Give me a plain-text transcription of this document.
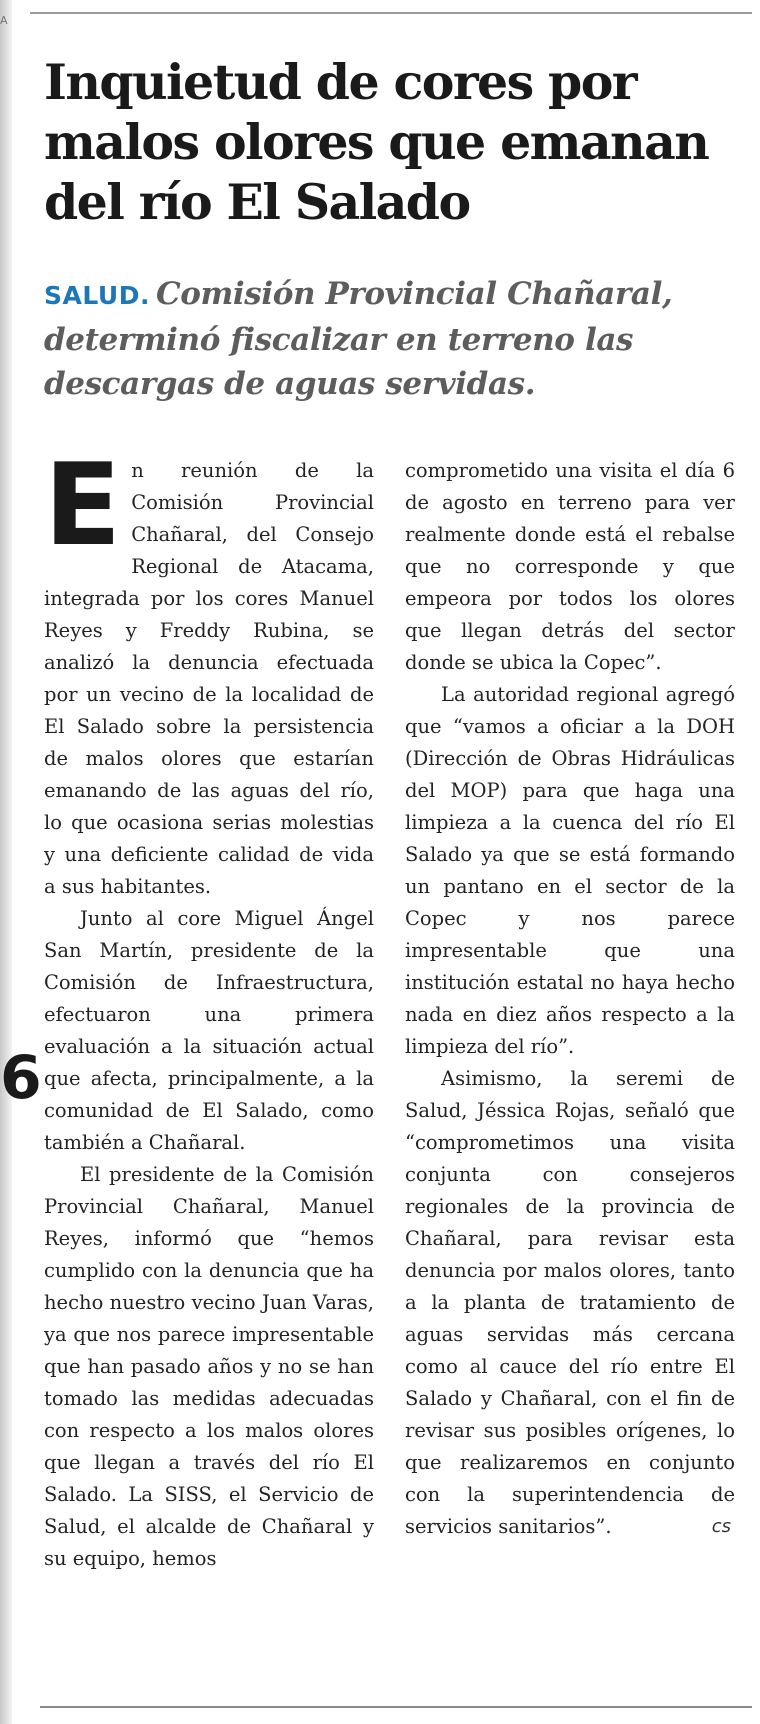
A
6
Inquietud de cores por malos olores que emanan del río El Salado
SALUD. Comisión Provincial Chañaral, determinó fiscalizar en terreno las descargas de aguas servidas.

En reunión de la Comisión Provincial Chañaral, del Consejo Regional de Atacama, integrada por los cores Manuel Reyes y Freddy Rubina, se analizó la denuncia efectuada por un vecino de la localidad de El Salado sobre la persistencia de malos olores que estarían emanando de las aguas del río, lo que ocasiona serias molestias y una deficiente calidad de vida a sus habitantes.

Junto al core Miguel Ángel San Martín, presidente de la Comisión de Infraestructura, efectuaron una primera evaluación a la situación actual que afecta, principalmente, a la comunidad de El Salado, como también a Chañaral.

El presidente de la Comisión Provincial Chañaral, Manuel Reyes, informó que “hemos cumplido con la denuncia que ha hecho nuestro vecino Juan Varas, ya que nos parece impresentable que han pasado años y no se han tomado las medidas adecuadas con respecto a los malos olores que llegan a través del río El Salado. La SISS, el Servicio de Salud, el alcalde de Chañaral y su equipo, hemos

comprometido una visita el día 6 de agosto en terreno para ver realmente donde está el rebalse que no corresponde y que empeora por todos los olores que llegan detrás del sector donde se ubica la Copec”.

La autoridad regional agregó que “vamos a oficiar a la DOH (Dirección de Obras Hidráulicas del MOP) para que haga una limpieza a la cuenca del río El Salado ya que se está formando un pantano en el sector de la Copec y nos parece impresentable que una institución estatal no haya hecho nada en diez años respecto a la limpieza del río”.

Asimismo, la seremi de Salud, Jéssica Rojas, señaló que “comprometimos una visita conjunta con consejeros regionales de la provincia de Chañaral, para revisar esta denuncia por malos olores, tanto a la planta de tratamiento de aguas servidas más cercana como al cauce del río entre El Salado y Chañaral, con el fin de revisar sus posibles orígenes, lo que realizaremos en conjunto con la superintendencia de servicios sanitarios”.	cs
